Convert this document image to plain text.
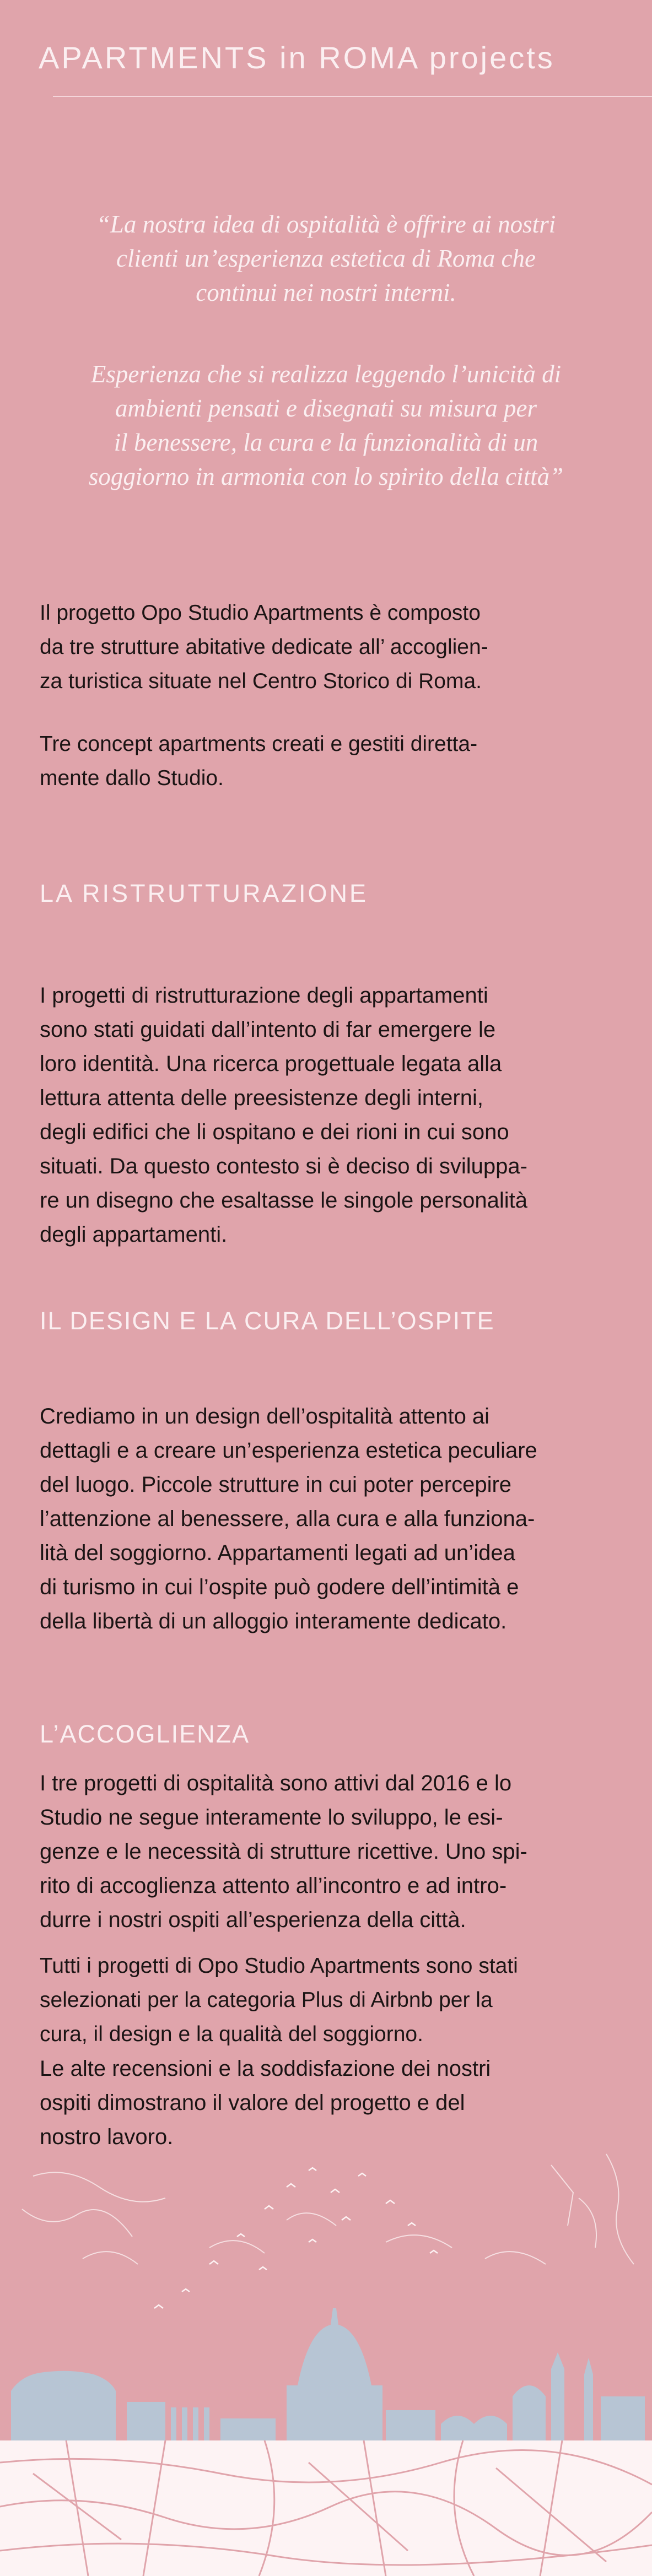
APARTMENTS in ROMA projects

“La nostra idea di ospitalità è offrire ai nostri
clienti un’esperienza estetica di Roma che
continui nei nostri interni.

Esperienza che si realizza leggendo l’unicità di
ambienti pensati e disegnati su misura per
il benessere, la cura e la funzionalità di un
soggiorno in armonia con lo spirito della città”

Il progetto Opo Studio Apartments è composto
da tre strutture abitative dedicate all’ accoglien-
za turistica situate nel Centro Storico di Roma.

Tre concept apartments creati e gestiti diretta-
mente dallo Studio.

LA RISTRUTTURAZIONE

I progetti di ristrutturazione degli appartamenti
sono stati guidati dall’intento di far emergere le
loro identità. Una ricerca progettuale legata alla
lettura attenta delle preesistenze degli interni,
degli edifici che li ospitano e dei rioni in cui sono
situati. Da questo contesto si è deciso di sviluppa-
re un disegno che esaltasse le singole personalità
degli appartamenti.

IL DESIGN E LA CURA DELL’OSPITE

Crediamo in un design dell’ospitalità attento ai
dettagli e a creare un’esperienza estetica peculiare
del luogo. Piccole strutture in cui poter percepire
l’attenzione al benessere, alla cura e alla funziona-
lità del soggiorno. Appartamenti legati ad un’idea
di turismo in cui l’ospite può godere dell’intimità e
della libertà di un alloggio interamente dedicato.

L’ACCOGLIENZA

I tre progetti di ospitalità sono attivi dal 2016 e lo
Studio ne segue interamente lo sviluppo, le esi-
genze e le necessità di strutture ricettive. Uno spi-
rito di accoglienza attento all’incontro e ad intro-
durre i nostri ospiti all’esperienza della città.

Tutti i progetti di Opo Studio Apartments sono stati
selezionati per la categoria Plus di Airbnb per la
cura, il design e la qualità del soggiorno.

Le alte recensioni e la soddisfazione dei nostri
ospiti dimostrano il valore del progetto e del
nostro lavoro.
